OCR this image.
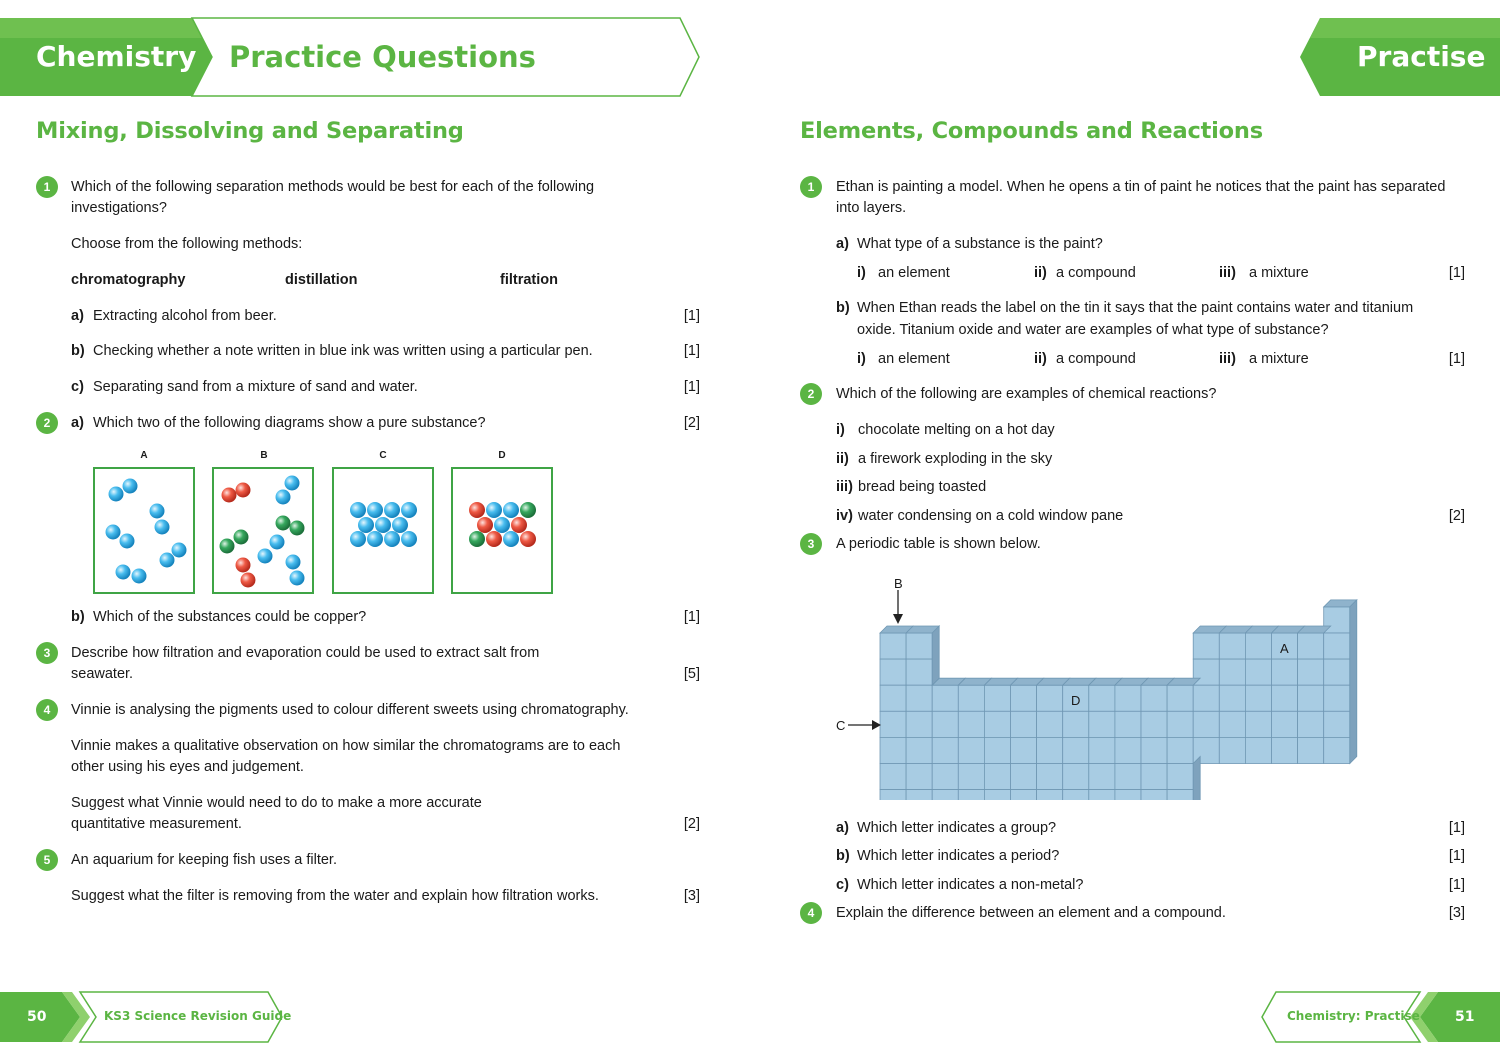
Chemistry Practice Questions	Practise
Mixing, Dissolving and Separating
1	Which of the following separation methods would be best for each of the following
investigations?
Choose from the following methods:
chromatography	distillation	filtration
a) Extracting alcohol from beer.	[1]
b) Checking whether a note written in blue ink was written using a particular pen.	[1]
c) Separating sand from a mixture of sand and water.	[1]
2	a) Which two of the following diagrams show a pure substance?	[2]
A	B	C	D
b) Which of the substances could be copper?	[1]
3	Describe how filtration and evaporation could be used to extract salt from
seawater.	[5]
4	Vinnie is analysing the pigments used to colour different sweets using chromatography.
Vinnie makes a qualitative observation on how similar the chromatograms are to each
other using his eyes and judgement.
Suggest what Vinnie would need to do to make a more accurate
quantitative measurement.	[2]
5	An aquarium for keeping fish uses a filter.
Suggest what the filter is removing from the water and explain how filtration works.	[3]
Elements, Compounds and Reactions
1	Ethan is painting a model. When he opens a tin of paint he notices that the paint has separated
into layers.
a) What type of a substance is the paint?
i) an element	ii) a compound	iii) a mixture	[1]
b) When Ethan reads the label on the tin it says that the paint contains water and titanium
oxide. Titanium oxide and water are examples of what type of substance?
i) an element	ii) a compound	iii) a mixture	[1]
2	Which of the following are examples of chemical reactions?
i) chocolate melting on a hot day
ii) a firework exploding in the sky
iii) bread being toasted
iv) water condensing on a cold window pane	[2]
3	A periodic table is shown below.
B
C
A
D
a) Which letter indicates a group?	[1]
b) Which letter indicates a period?	[1]
c) Which letter indicates a non-metal?	[1]
4	Explain the difference between an element and a compound.	[3]
50	KS3 Science Revision Guide	Chemistry: Practise	51
